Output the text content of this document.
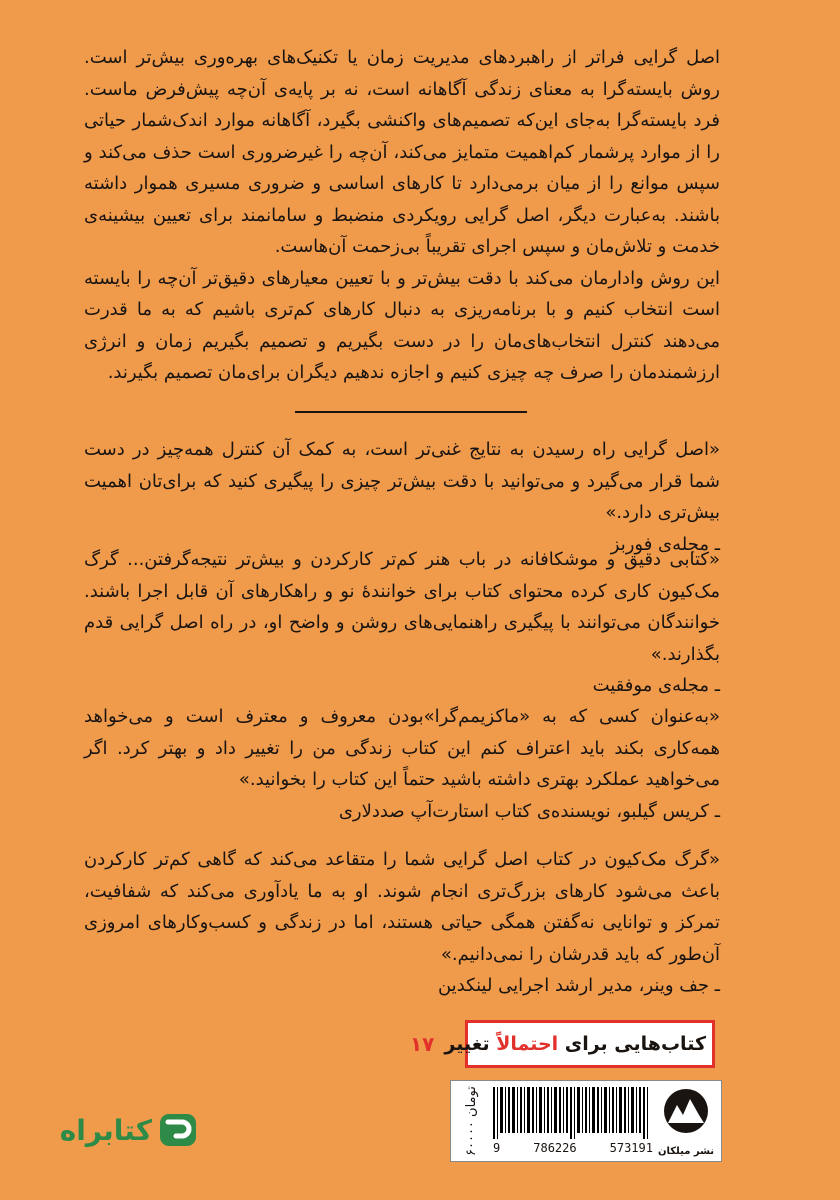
اصل گرایی فراتر از راهبردهای مدیریت زمان یا تکنیک‌های بهره‌وری بیش‌تر است. روش بایسته‌گرا به معنای زندگی آگاهانه است، نه بر پایه‌ی آن‌چه پیش‌فرض ماست. فرد بایسته‌گرا به‌جای این‌که تصمیم‌های واکنشی بگیرد، آگاهانه موارد اندک‌شمار حیاتی را از موارد پرشمار کم‌اهمیت متمایز می‌کند، آن‌چه را غیرضروری است حذف می‌کند و سپس موانع را از میان برمی‌دارد تا کارهای اساسی و ضروری مسیری هموار داشته باشند. به‌عبارت دیگر، اصل گرایی رویکردی منضبط و سامانمند برای تعیین بیشینه‌ی خدمت و تلاش‌مان و سپس اجرای تقریباً بی‌زحمت آن‌هاست.

این روش وادارمان می‌کند با دقت بیش‌تر و با تعیین معیارهای دقیق‌تر آن‌چه را بایسته است انتخاب کنیم و با برنامه‌ریزی به دنبال کارهای کم‌تری باشیم که به ما قدرت می‌دهند کنترل انتخاب‌های‌مان را در دست بگیریم و تصمیم بگیریم زمان و انرژی ارزشمندمان را صرف چه چیزی کنیم و اجازه ندهیم دیگران برای‌مان تصمیم بگیرند.

«اصل گرایی راه رسیدن به نتایج غنی‌تر است، به کمک آن کنترل همه‌چیز در دست شما قرار می‌گیرد و می‌توانید با دقت بیش‌تر چیزی را پیگیری کنید که برای‌تان اهمیت بیش‌تری دارد.»

ـ مجله‌ی فوربز

«کتابی دقیق و موشکافانه در باب هنر کم‌تر کارکردن و بیش‌تر نتیجه‌گرفتن... گرگ مک‌کیون کاری کرده محتوای کتاب برای خوانندهٔ نو و راهکارهای آن قابل اجرا باشند. خوانندگان می‌توانند با پیگیری راهنمایی‌های روشن و واضح او، در راه اصل گرایی قدم بگذارند.»

ـ مجله‌ی موفقیت

«به‌عنوان کسی که به «ماکزیمم‌گرا»بودن معروف و معترف است و می‌خواهد همه‌کاری بکند باید اعتراف کنم این کتاب زندگی من را تغییر داد و بهتر کرد. اگر می‌خواهید عملکرد بهتری داشته باشید حتماً این کتاب را بخوانید.»

ـ کریس گیلبو، نویسنده‌ی کتاب استارت‌آپ صددلاری

«گرگ مک‌کیون در کتاب اصل گرایی شما را متقاعد می‌کند که گاهی کم‌تر کارکردن باعث می‌شود کارهای بزرگ‌تری انجام شوند. او به ما یادآوری می‌کند که شفافیت، تمرکز و توانایی نه‌گفتن همگی حیاتی هستند، اما در زندگی و کسب‌وکارهای امروزی آن‌طور که باید قدرشان را نمی‌دانیم.»

ـ جف وینر، مدیر ارشد اجرایی لینکدین

کتاب‌هایی برای احتمالاً تغییر
۱۷
۶۰۰۰۰ تومان
9	786226	573191 نشر میلکان
کتابراه
